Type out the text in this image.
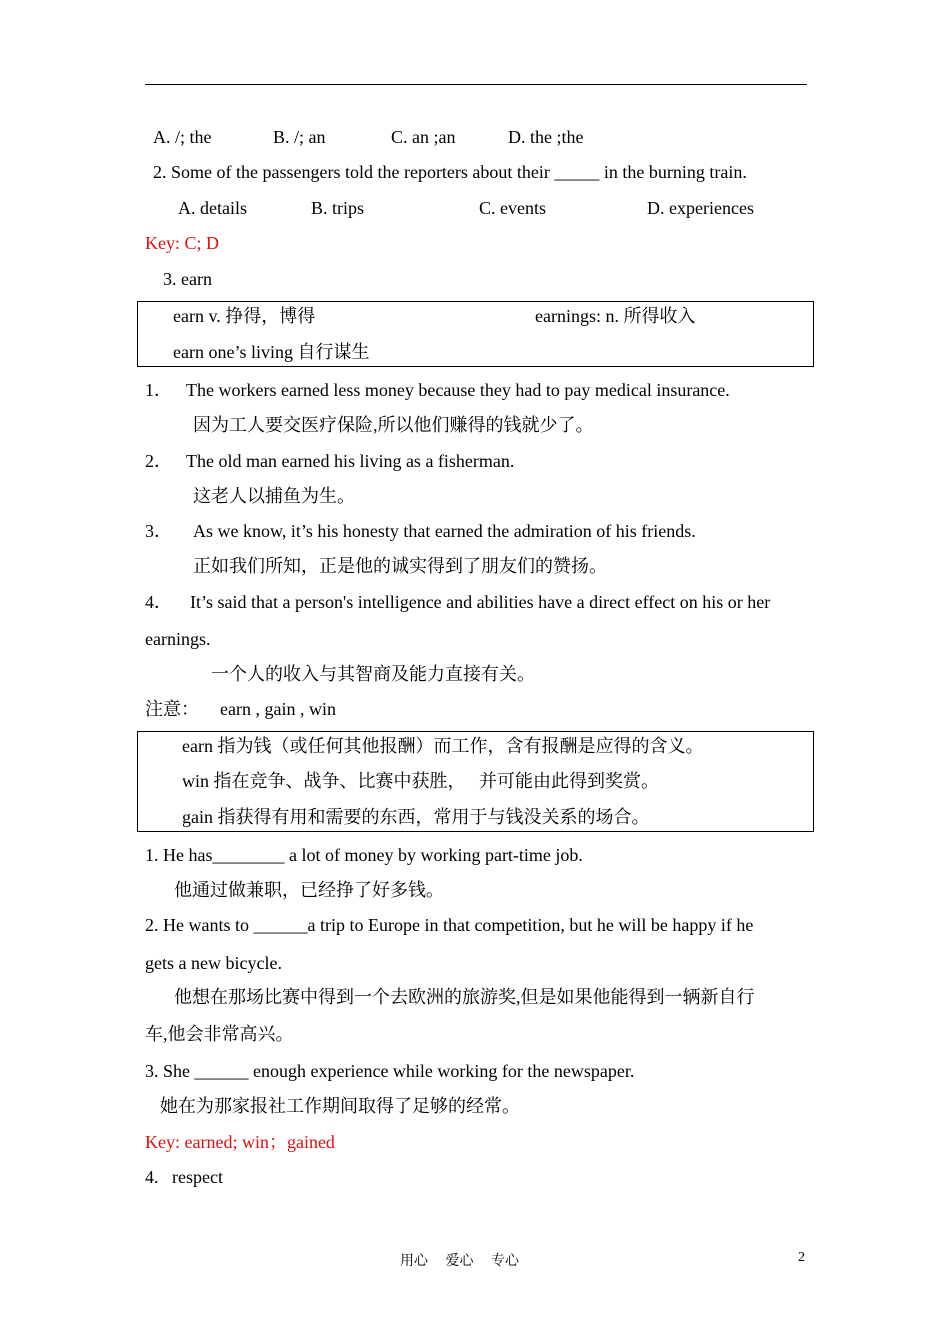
A. /; the	B. /; an	C. an ;an	D. the ;the
2. Some of the passengers told the reporters about their _____ in the burning train.
A. details	B. trips	C. events	D. experiences
Key: C; D
3. earn
earn v. 挣得，博得	earnings: n. 所得收入
earn one’s living 自行谋生
1． The workers earned less money because they had to pay medical insurance.
因为工人要交医疗保险,所以他们赚得的钱就少了。
2． The old man earned his living as a fisherman.
这老人以捕鱼为生。
3． As we know, it’s his honesty that earned the admiration of his friends.
正如我们所知，正是他的诚实得到了朋友们的赞扬。
4． It’s said that a person's intelligence and abilities have a direct effect on his or her
earnings.
一个人的收入与其智商及能力直接有关。
注意： earn , gain , win
earn 指为钱（或任何其他报酬）而工作，含有报酬是应得的含义。
win 指在竞争、战争、比赛中获胜，　 并可能由此得到奖赏。
gain 指获得有用和需要的东西，常用于与钱没关系的场合。
1. He has________ a lot of money by working part-time job.
他通过做兼职，已经挣了好多钱。
2. He wants to ______a trip to Europe in that competition, but he will be happy if he
gets a new bicycle.
他想在那场比赛中得到一个去欧洲的旅游奖,但是如果他能得到一辆新自行
车,他会非常高兴。
3. She ______ enough experience while working for the newspaper.
她在为那家报社工作期间取得了足够的经常。
Key: earned; win；gained
4.   respect
用心　 爱心　 专心	2
